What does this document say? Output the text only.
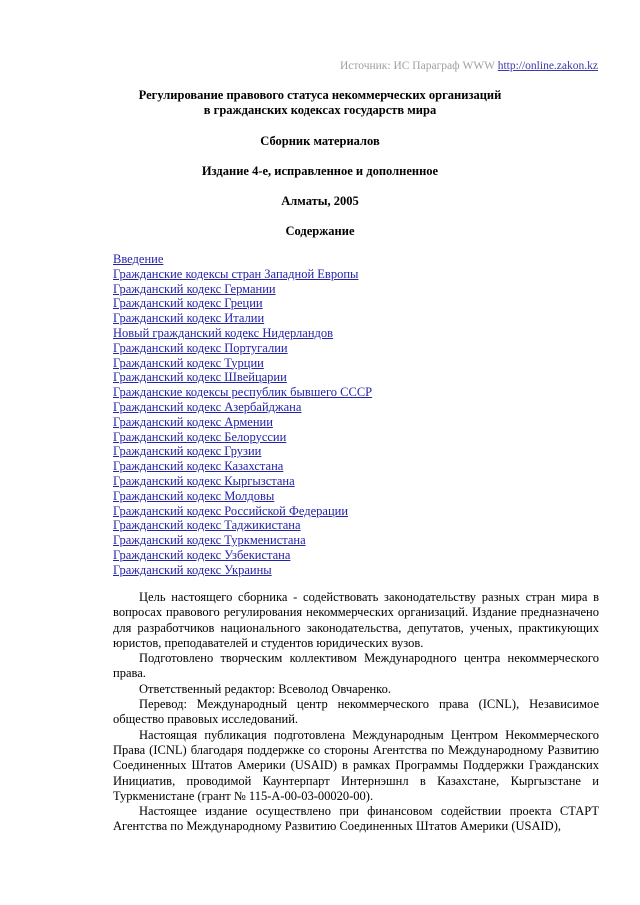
Источник: ИС Параграф WWW http://online.zakon.kz
Регулирование правового статуса некоммерческих организаций
в гражданских кодексах государств мира
Сборник материалов
Издание 4-е, исправленное и дополненное
Алматы, 2005
Содержание
Введение
Гражданские кодексы стран Западной Европы
Гражданский кодекс Германии
Гражданский кодекс Греции
Гражданский кодекс Италии
Новый гражданский кодекс Нидерландов
Гражданский кодекс Португалии
Гражданский кодекс Турции
Гражданский кодекс Швейцарии
Гражданские кодексы республик бывшего СССР
Гражданский кодекс Азербайджана
Гражданский кодекс Армении
Гражданский кодекс Белоруссии
Гражданский кодекс Грузии
Гражданский кодекс Казахстана
Гражданский кодекс Кыргызстана
Гражданский кодекс Молдовы
Гражданский кодекс Российской Федерации
Гражданский кодекс Таджикистана
Гражданский кодекс Туркменистана
Гражданский кодекс Узбекистана
Гражданский кодекс Украины

Цель настоящего сборника - содействовать законодательству разных стран мира в вопросах правового регулирования некоммерческих организаций. Издание предназначено для разработчиков национального законодательства, депутатов, ученых, практикующих юристов, преподавателей и студентов юридических вузов.

Подготовлено творческим коллективом Международного центра некоммерческого права.

Ответственный редактор: Всеволод Овчаренко.

Перевод: Международный центр некоммерческого права (ICNL), Независимое общество правовых исследований.

Настоящая публикация подготовлена Международным Центром Некоммерческого Права (ICNL) благодаря поддержке со стороны Агентства по Международному Развитию Соединенных Штатов Америки (USAID) в рамках Программы Поддержки Гражданских Инициатив, проводимой Каунтерпарт Интернэшнл в Казахстане, Кыргызстане и Туркменистане (грант № 115-A-00-03-00020-00).

Настоящее издание осуществлено при финансовом содействии проекта СТАРТ Агентства по Международному Развитию Соединенных Штатов Америки (USAID),
